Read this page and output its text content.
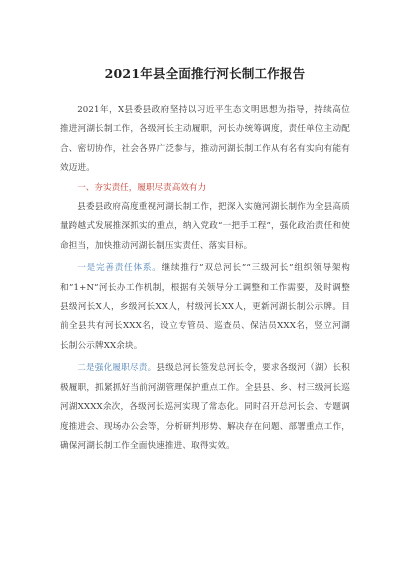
2021年县全面推行河长制工作报告

2021年，X县委县政府坚持以习近平生态文明思想为指导，持续高位推进河湖长制工作，各级河长主动履职，河长办统筹调度，责任单位主动配合、密切协作，社会各界广泛参与，推动河湖长制工作从有名有实向有能有效迈进。

一、夯实责任，履职尽责高效有力

县委县政府高度重视河湖长制工作，把深入实施河湖长制作为全县高质量跨越式发展推深抓实的重点，纳入党政“一把手工程”，强化政治责任和使命担当，加快推动河湖长制压实责任、落实目标。

一是完善责任体系。继续推行”双总河长”“三级河长”组织领导架构和”1+N”河长办工作机制，根据有关领导分工调整和工作需要，及时调整县级河长X人，乡级河长XX人，村级河长XX人，更新河湖长制公示牌。目前全县共有河长XXX名，设立专管员、巡查员、保洁员XXX名，竖立河湖长制公示牌XX余块。

二是强化履职尽责。县级总河长签发总河长令，要求各级河（湖）长积极履职，抓紧抓好当前河湖管理保护重点工作。全县县、乡、村三级河长巡河湖XXXX余次，各级河长巡河实现了常态化。同时召开总河长会、专题调度推进会、现场办公会等，分析研判形势、解决存在问题、部署重点工作，确保河湖长制工作全面快速推进、取得实效。
